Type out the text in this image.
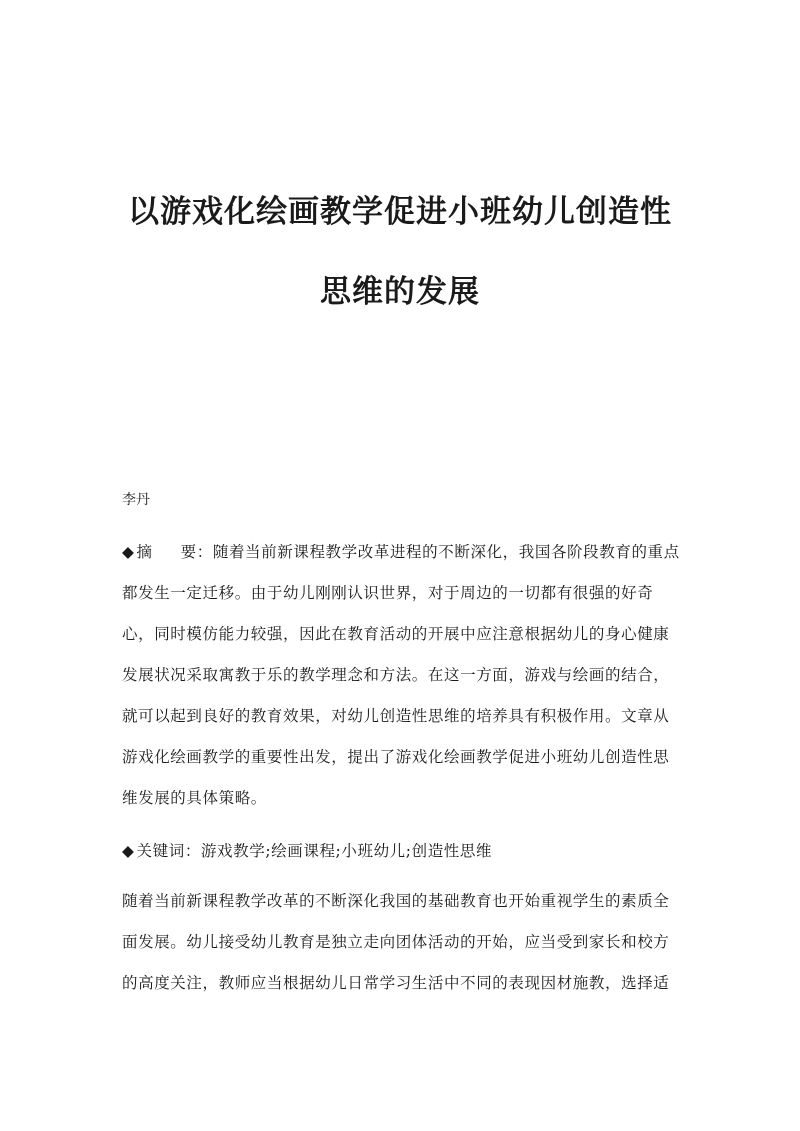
以游戏化绘画教学促进小班幼儿创造性
思维的发展
李丹
◆ 摘 要：随着当前新课程教学改革进程的不断深化，我国各阶段教育的重点
都发生一定迁移。由于幼儿刚刚认识世界，对于周边的一切都有很强的好奇
心，同时模仿能力较强，因此在教育活动的开展中应注意根据幼儿的身心健康
发展状况采取寓教于乐的教学理念和方法。在这一方面，游戏与绘画的结合，
就可以起到良好的教育效果，对幼儿创造性思维的培养具有积极作用。文章从
游戏化绘画教学的重要性出发，提出了游戏化绘画教学促进小班幼儿创造性思
维发展的具体策略。
◆ 关键词：游戏教学;绘画课程;小班幼儿;创造性思维
随着当前新课程教学改革的不断深化我国的基础教育也开始重视学生的素质全
面发展。幼儿接受幼儿教育是独立走向团体活动的开始，应当受到家长和校方
的高度关注，教师应当根据幼儿日常学习生活中不同的表现因材施教，选择适
